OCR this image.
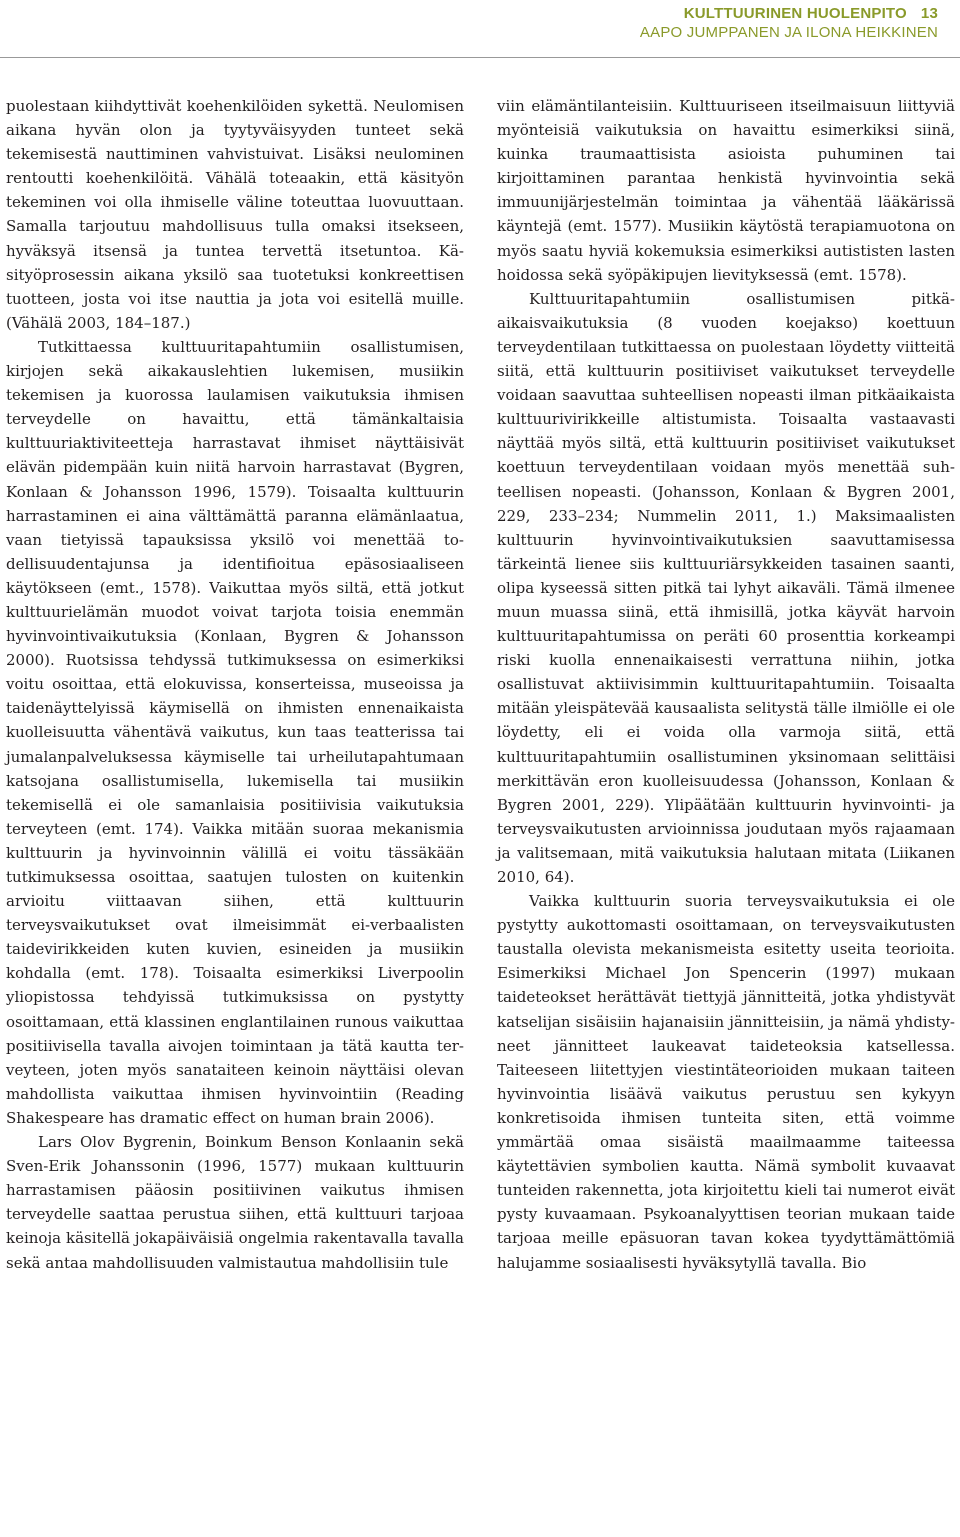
KULTTUURINEN HUOLENPITO 13
AAPO JUMPPANEN JA ILONA HEIKKINEN

puolestaan kiihdyttivät koehenkilöiden sykettä. Neulomisen aikana hyvän olon ja tyytyväisyyden tunteet sekä tekemisestä nauttiminen vahvistuivat. Lisäksi neulominen rentoutti koehenkilöitä. Vähälä toteaakin, että käsityön tekeminen voi olla ihmiselle väline toteuttaa luovuuttaan. Samalla tarjoutuu mahdollisuus tulla omaksi itsekseen, hyväksyä itsensä ja tuntea tervettä itsetuntoa. Käsityöprosessin aikana yksilö saa tuotetuksi konkreettisen tuotteen, josta voi itse nauttia ja jota voi esitellä muille. (Vähälä 2003, 184–187.)

Tutkittaessa kulttuuritapahtumiin osallistumisen, kirjojen sekä aikakauslehtien lukemisen, musiikin tekemisen ja kuorossa laulamisen vaikutuksia ihmisen terveydelle on havaittu, että tämänkaltaisia kulttuuriaktiviteetteja harrastavat ihmiset näyttäisivät elävän pidempään kuin niitä harvoin harrastavat (Bygren, Konlaan & Johansson 1996, 1579). Toisaalta kulttuurin harrastaminen ei aina välttämättä paranna elämänlaatua, vaan tietyissä tapauksissa yksilö voi menettää todellisuudentajunsa ja identifioitua epäsosiaaliseen käytökseen (emt., 1578). Vaikuttaa myös siltä, että jotkut kulttuurielämän muodot voivat tarjota toisia enemmän hyvinvointivaikutuksia (Konlaan, Bygren & Johansson 2000). Ruotsissa tehdyssä tutkimuksessa on esimerkiksi voitu osoittaa, että elokuvissa, konserteissa, museoissa ja taidenäyttelyissä käymisellä on ihmisten ennenaikaista kuolleisuutta vähentävä vaikutus, kun taas teatterissa tai jumalanpalveluksessa käymiselle tai urheilutapahtumaan katsojana osallistumisella, lukemisella tai musiikin tekemisellä ei ole samanlaisia positiivisia vaikutuksia terveyteen (emt. 174). Vaikka mitään suoraa mekanismia kulttuurin ja hyvinvoinnin välillä ei voitu tässäkään tutkimuksessa osoittaa, saatujen tulosten on kuitenkin arvioitu viittaavan siihen, että kulttuurin terveysvaikutukset ovat ilmeisimmät ei-verbaalisten taidevirikkeiden kuten kuvien, esineiden ja musiikin kohdalla (emt. 178). Toisaalta esimerkiksi Liverpoolin yliopistossa tehdyissä tutkimuksissa on pystytty osoittamaan, että klassinen englantilainen runous vaikuttaa positiivisella tavalla aivojen toimintaan ja tätä kautta terveyteen, joten myös sanataiteen keinoin näyttäisi olevan mahdollista vaikuttaa ihmisen hyvinvointiin (Reading Shakespeare has dramatic effect on human brain 2006).

Lars Olov Bygrenin, Boinkum Benson Konlaanin sekä Sven-Erik Johanssonin (1996, 1577) mukaan kulttuurin harrastamisen pääosin positiivinen vaikutus ihmisen terveydelle saattaa perustua siihen, että kulttuuri tarjoaa keinoja käsitellä jokapäiväisiä ongelmia rakentavalla tavalla sekä antaa mahdollisuuden valmistautua mahdollisiin tule

viin elämäntilanteisiin. Kulttuuriseen itseilmaisuun liittyviä myönteisiä vaikutuksia on havaittu esimerkiksi siinä, kuinka traumaattisista asioista puhuminen tai kirjoittaminen parantaa henkistä hyvinvointia sekä immuunijärjestelmän toimintaa ja vähentää lääkärissä käyntejä (emt. 1577). Musiikin käytöstä terapiamuotona on myös saatu hyviä kokemuksia esimerkiksi autististen lasten hoidossa sekä syöpäkipujen lievityksessä (emt. 1578).

Kulttuuritapahtumiin osallistumisen pitkäaikaisvaikutuksia (8 vuoden koejakso) koettuun terveydentilaan tutkittaessa on puolestaan löydetty viitteitä siitä, että kulttuurin positiiviset vaikutukset terveydelle voidaan saavuttaa suhteellisen nopeasti ilman pitkäaikaista kulttuurivirikkeille altistumista. Toisaalta vastaavasti näyttää myös siltä, että kulttuurin positiiviset vaikutukset koettuun terveydentilaan voidaan myös menettää suhteellisen nopeasti. (Johansson, Konlaan & Bygren 2001, 229, 233–234; Nummelin 2011, 1.) Maksimaalisten kulttuurin hyvinvointivaikutuksien saavuttamisessa tärkeintä lienee siis kulttuuriärsykkeiden tasainen saanti, olipa kyseessä sitten pitkä tai lyhyt aikaväli. Tämä ilmenee muun muassa siinä, että ihmisillä, jotka käyvät harvoin kulttuuritapahtumissa on peräti 60 prosenttia korkeampi riski kuolla ennenaikaisesti verrattuna niihin, jotka osallistuvat aktiivisimmin kulttuuritapahtumiin. Toisaalta mitään yleispätevää kausaalista selitystä tälle ilmiölle ei ole löydetty, eli ei voida olla varmoja siitä, että kulttuuritapahtumiin osallistuminen yksinomaan selittäisi merkittävän eron kuolleisuudessa (Johansson, Konlaan & Bygren 2001, 229). Ylipäätään kulttuurin hyvinvointi- ja terveysvaikutusten arvioinnissa joudutaan myös rajaamaan ja valitsemaan, mitä vaikutuksia halutaan mitata (Liikanen 2010, 64).

Vaikka kulttuurin suoria terveysvaikutuksia ei ole pystytty aukottomasti osoittamaan, on terveysvaikutusten taustalla olevista mekanismeista esitetty useita teorioita. Esimerkiksi Michael Jon Spencerin (1997) mukaan taideteokset herättävät tiettyjä jännitteitä, jotka yhdistyvät katselijan sisäisiin hajanaisiin jännitteisiin, ja nämä yhdistyneet jännitteet laukeavat taideteoksia katsellessa. Taiteeseen liitettyjen viestintäteorioiden mukaan taiteen hyvinvointia lisäävä vaikutus perustuu sen kykyyn konkretisoida ihmisen tunteita siten, että voimme ymmärtää omaa sisäistä maailmaamme taiteessa käytettävien symbolien kautta. Nämä symbolit kuvaavat tunteiden rakennetta, jota kirjoitettu kieli tai numerot eivät pysty kuvaamaan. Psykoanalyyttisen teorian mukaan taide tarjoaa meille epäsuoran tavan kokea tyydyttämättömiä halujamme sosiaalisesti hyväksytyllä tavalla. Bio
